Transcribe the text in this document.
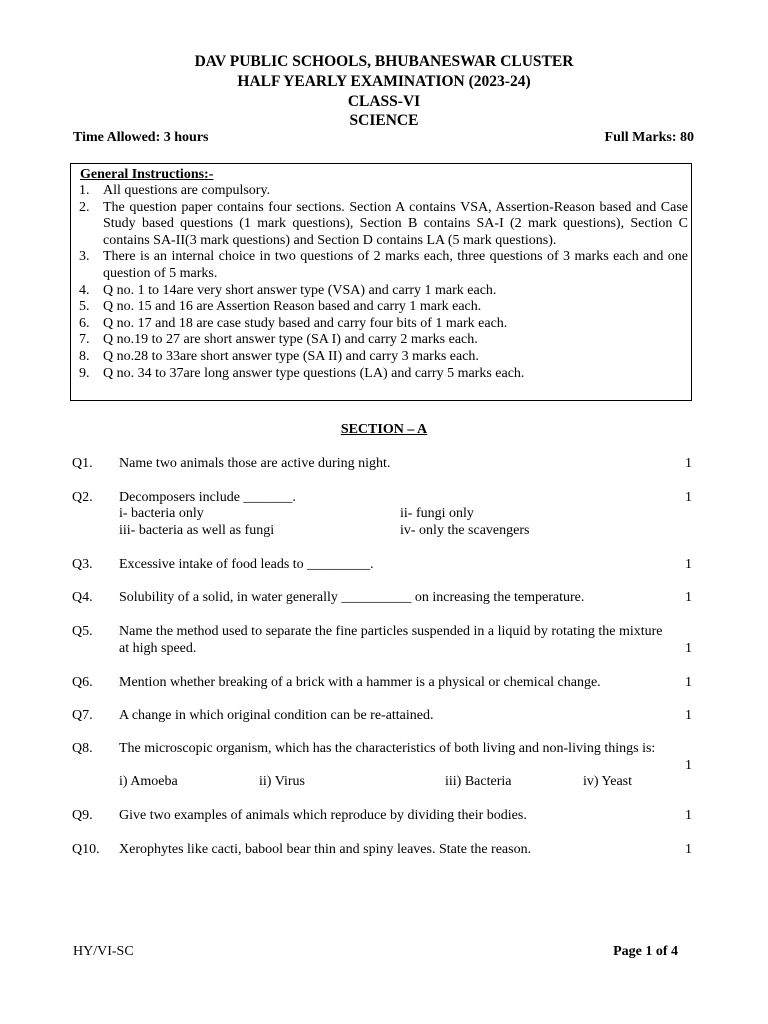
DAV PUBLIC SCHOOLS, BHUBANESWAR CLUSTER
HALF YEARLY EXAMINATION (2023-24)
CLASS-VI
SCIENCE
Time Allowed: 3 hours	Full Marks: 80
General Instructions:-
1. All questions are compulsory.
2. The question paper contains four sections. Section A contains VSA, Assertion-Reason based and Case Study based questions (1 mark questions), Section B contains SA-I (2 mark questions), Section C contains SA-II(3 mark questions) and Section D contains LA (5 mark questions).
3. There is an internal choice in two questions of 2 marks each, three questions of 3 marks each and one question of 5 marks.
4. Q no. 1 to 14are very short answer type (VSA) and carry 1 mark each.
5. Q no. 15 and 16 are Assertion Reason based and carry 1 mark each.
6. Q no. 17 and 18 are case study based and carry four bits of 1 mark each.
7. Q no.19 to 27 are short answer type (SA I) and carry 2 marks each.
8. Q no.28 to 33are short answer type (SA II) and carry 3 marks each.
9. Q no. 34 to 37are long answer type questions (LA) and carry 5 marks each.
SECTION – A
Q1. Name two animals those are active during night.	1
Q2. Decomposers include _______.	1
i- bacteria only	ii- fungi only
iii- bacteria as well as fungi	iv- only the scavengers
Q3. Excessive intake of food leads to _________.	1
Q4. Solubility of a solid, in water generally __________ on increasing the temperature.	1
Q5. Name the method used to separate the fine particles suspended in a liquid by rotating the mixture at high speed.	1
Q6. Mention whether breaking of a brick with a hammer is a physical or chemical change.	1
Q7. A change in which original condition can be re-attained.	1
Q8. The microscopic organism, which has the characteristics of both living and non-living things is:
1
i) Amoeba	ii) Virus	iii) Bacteria	iv) Yeast
Q9. Give two examples of animals which reproduce by dividing their bodies.	1
Q10. Xerophytes like cacti, babool bear thin and spiny leaves. State the reason.	1
HY/VI-SC	Page 1 of 4
